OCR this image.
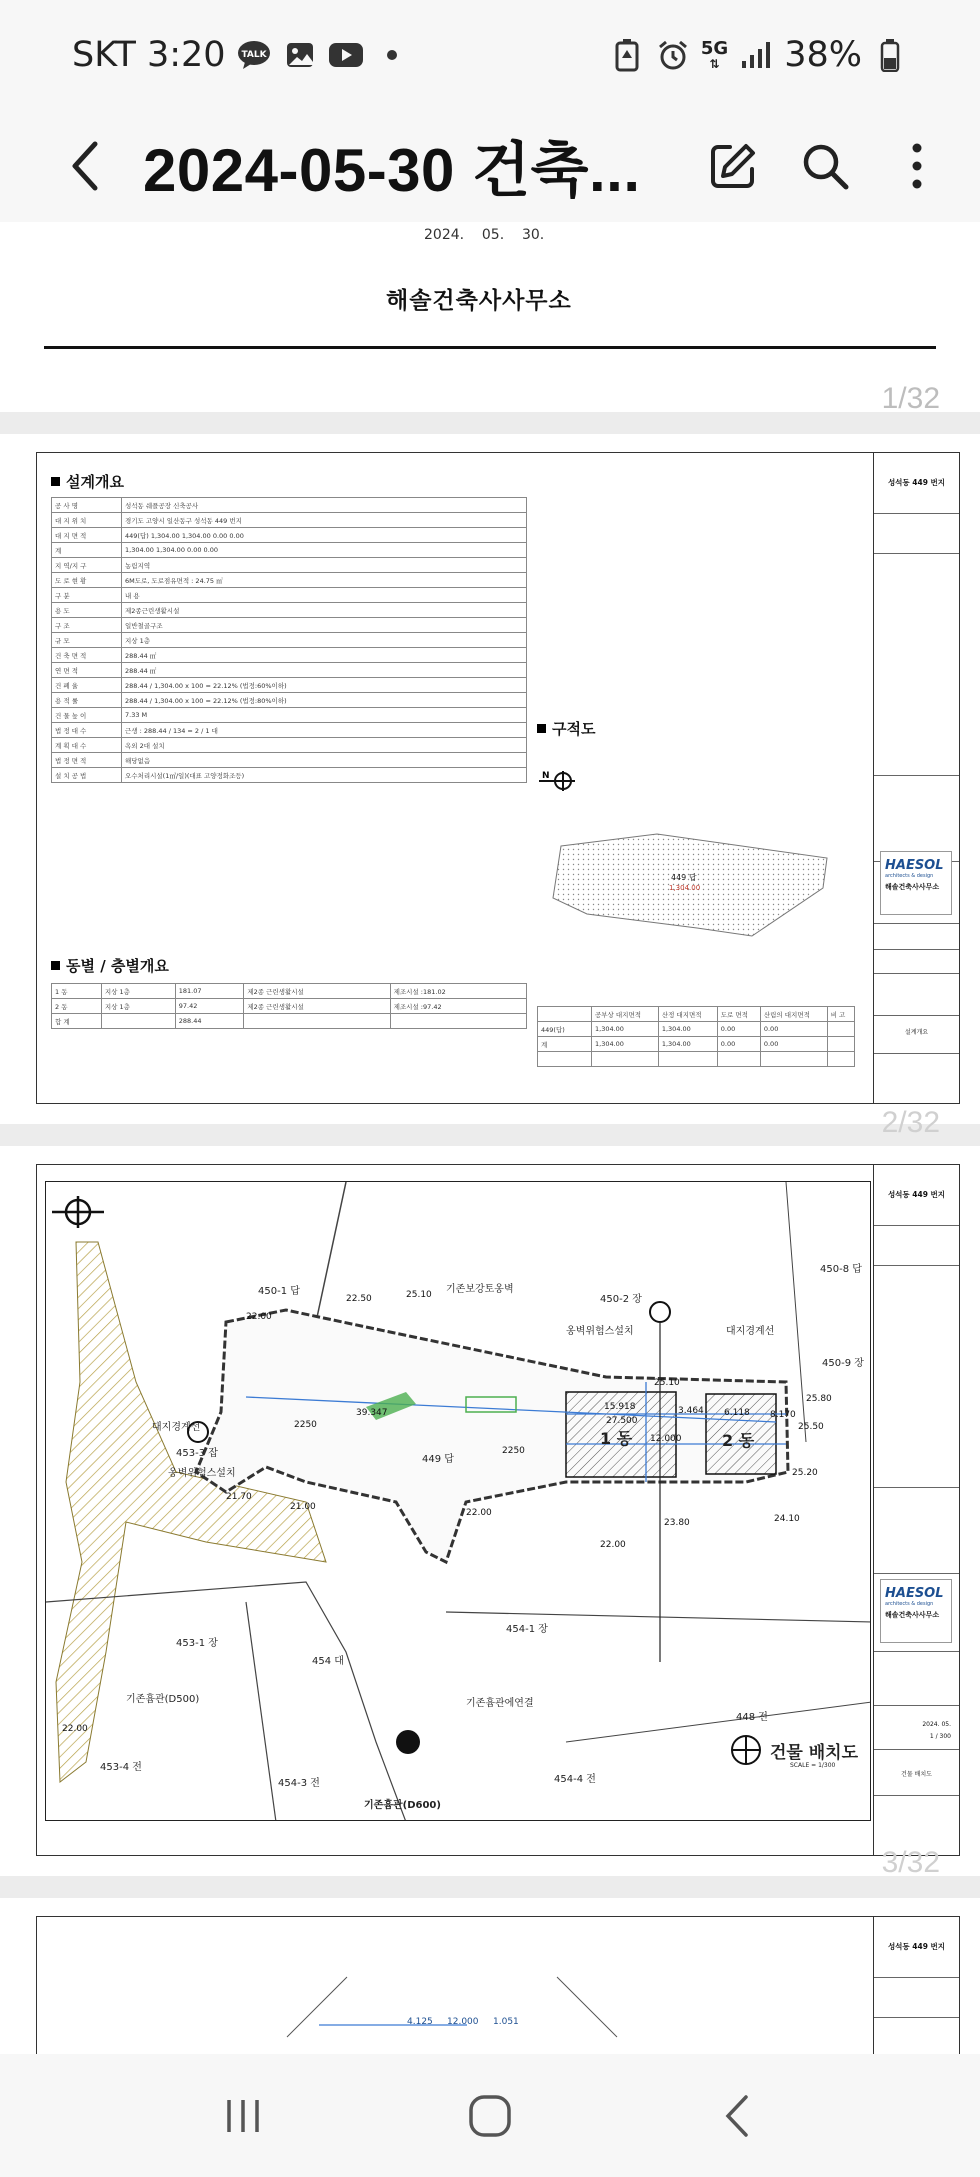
SKT 3:20 TALK	5G
⇅ 38%
2024-05-30 건축...
2024.    05.    30.
해솔건축사사무소
1/32
설계개요
공 사 명	성석동 쉐플공장 신축공사
대 지 위 치	경기도 고양시 일산동구 성석동 449 번지
대 지 면 적	449(답) 1,304.00 1,304.00 0.00 0.00
계	1,304.00 1,304.00 0.00 0.00
지 역/지 구	농림지역
도 로 현 황	6M도로, 도로점유면적 : 24.75 ㎡
구 분	내 용
용 도	제2종근린생활시설
구 조	일반철골구조
규 모	지상 1층
건 축 면 적	288.44 ㎡
연 면 적	288.44 ㎡
건 폐 율	288.44 / 1,304.00 x 100 = 22.12% (법정:60%이하)
용 적 률	288.44 / 1,304.00 x 100 = 22.12% (법정:80%이하)
건 물 높 이	7.33 M
법 정 대 수	근생 : 288.44 / 134 = 2 / 1 대
계 획 대 수	옥외 2대 설치
법 정 면 적	해당없음
설 치 공 법	오수처리시설(1㎥/일)(대표 고양정화조등)
동별 / 층별개요
1 동	지상 1층	181.07	제2종 근린생활시설	제조시설 :181.02
2 동	지상 1층	97.42	제2종 근린생활시설	제조시설 :97.42
합 계		288.44		
구적도
N
449 답
1,304.00
	공부상 대지면적	산정 대지면적	도로 면적	산림의 대지면적	비 고
449(답)	1,304.00	1,304.00	0.00	0.00	
계	1,304.00	1,304.00	0.00	0.00	

성석동 449 번지
HAESOL
architects & design
해솔건축사사무소
설계개요
2/32
450-1 답
450-2 장
450-8 답
450-9 장
449 답
453-3 잡
453-1 장
454 대
454-1 장
454-3 전	454-4 전
453-4 전
448 전
1 동	2 동
기존흄관(D500)
기존흄관(D600)
기존흄관에연결
대지경계선
대지경계선
옹벽위험스설치
옹벽위험스설치
기존보강토옹벽
22.00
22.50	25.10
25.10
25.80
25.50
25.20
24.10
23.80
22.00
22.00
22.00
21.70
21.00
39.347
15.918
27.500
12.000
3.464 6.118 8.170
2250
2250
건물 배치도
SCALE = 1/300
성석동 449 번지
HAESOL
architects & design
해솔건축사사무소
2024. 05.
1 / 300
건물 배치도
3/32
4.125 12.000 1.051
성석동 449 번지
